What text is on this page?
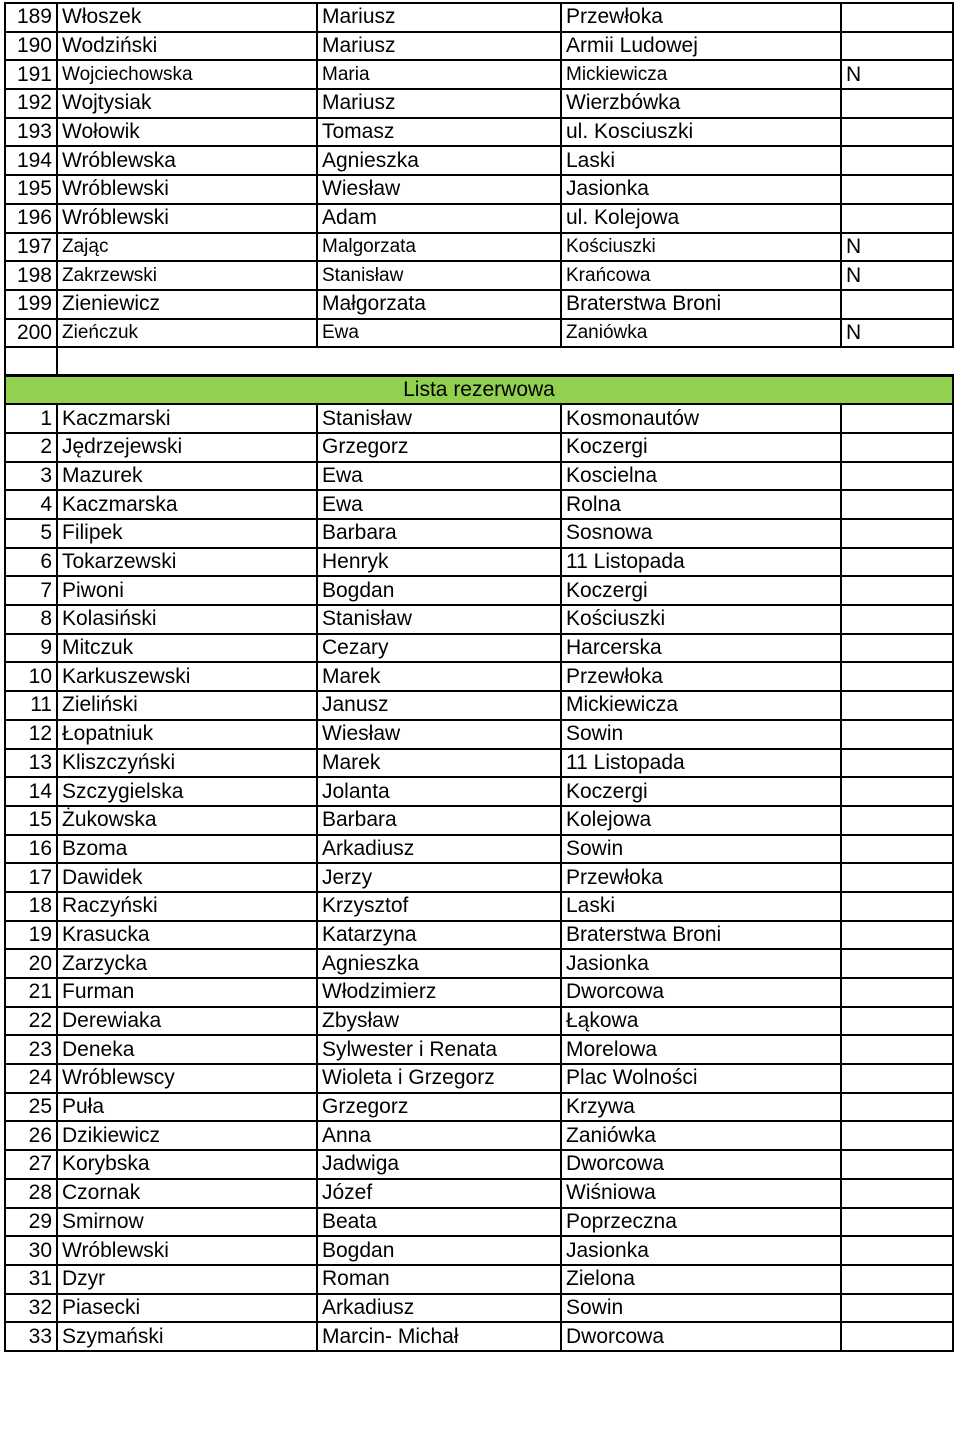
189	Włoszek	Mariusz	Przewłoka	
190	Wodziński	Mariusz	Armii Ludowej	
191	Wojciechowska	Maria	Mickiewicza	N
192	Wojtysiak	Mariusz	Wierzbówka	
193	Wołowik	Tomasz	ul. Kosciuszki	
194	Wróblewska	Agnieszka	Laski	
195	Wróblewski	Wiesław	Jasionka	
196	Wróblewski	Adam	ul. Kolejowa	
197	Zając	Malgorzata	Kościuszki	N
198	Zakrzewski	Stanisław	Krańcowa	N
199	Zieniewicz	Małgorzata	Braterstwa Broni	
200	Zieńczuk	Ewa	Zaniówka	N

Lista rezerwowa				
1	Kaczmarski	Stanisław	Kosmonautów	
2	Jędrzejewski	Grzegorz	Koczergi	
3	Mazurek	Ewa	Koscielna	
4	Kaczmarska	Ewa	Rolna	
5	Filipek	Barbara	Sosnowa	
6	Tokarzewski	Henryk	11 Listopada	
7	Piwoni	Bogdan	Koczergi	
8	Kolasiński	Stanisław	Kościuszki	
9	Mitczuk	Cezary	Harcerska	
10	Karkuszewski	Marek	Przewłoka	
11	Zieliński	Janusz	Mickiewicza	
12	Łopatniuk	Wiesław	Sowin	
13	Kliszczyński	Marek	11 Listopada	
14	Szczygielska	Jolanta	Koczergi	
15	Żukowska	Barbara	Kolejowa	
16	Bzoma	Arkadiusz	Sowin	
17	Dawidek	Jerzy	Przewłoka	
18	Raczyński	Krzysztof	Laski	
19	Krasucka	Katarzyna	Braterstwa Broni	
20	Zarzycka	Agnieszka	Jasionka	
21	Furman	Włodzimierz	Dworcowa	
22	Derewiaka	Zbysław	Łąkowa	
23	Deneka	Sylwester i Renata	Morelowa	
24	Wróblewscy	Wioleta i Grzegorz	Plac Wolności	
25	Puła	Grzegorz	Krzywa	
26	Dzikiewicz	Anna	Zaniówka	
27	Korybska	Jadwiga	Dworcowa	
28	Czornak	Józef	Wiśniowa	
29	Smirnow	Beata	Poprzeczna	
30	Wróblewski	Bogdan	Jasionka	
31	Dzyr	Roman	Zielona	
32	Piasecki	Arkadiusz	Sowin	
33	Szymański	Marcin- Michał	Dworcowa	
